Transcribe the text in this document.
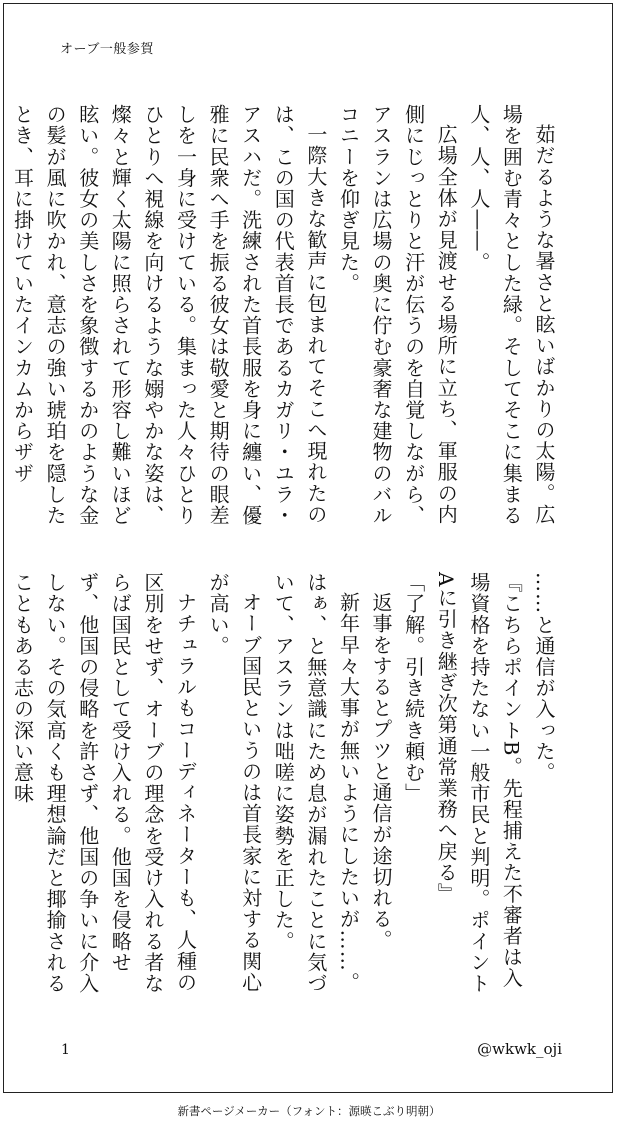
オーブ一般参賀

茹だるような暑さと眩いばかりの太陽。広場を囲む青々とした緑。そしてそこに集まる人、人、人――。

広場全体が見渡せる場所に立ち、軍服の内側にじっとりと汗が伝うのを自覚しながら、アスランは広場の奥に佇む豪奢な建物のバルコニーを仰ぎ見た。

一際大きな歓声に包まれてそこへ現れたのは、この国の代表首長であるカガリ・ユラ・アスハだ。洗練された首長服を身に纏い、優雅に民衆へ手を振る彼女は敬愛と期待の眼差しを一身に受けている。集まった人々ひとりひとりへ視線を向けるような嫋やかな姿は、燦々と輝く太陽に照らされて形容し難いほど眩い。彼女の美しさを象徴するかのような金の髪が風に吹かれ、意志の強い琥珀を隠したとき、耳に掛けていたインカムからザザ

……と通信が入った。

『こちらポイントB。先程捕えた不審者は入場資格を持たない一般市民と判明。ポイントAに引き継ぎ次第通常業務へ戻る』

「了解。引き続き頼む」

返事をするとプツと通信が途切れる。

新年早々大事が無いようにしたいが……。はぁ、と無意識にため息が漏れたことに気づいて、アスランは咄嗟に姿勢を正した。

オーブ国民というのは首長家に対する関心が高い。

ナチュラルもコーディネーターも、人種の区別をせず、オーブの理念を受け入れる者ならば国民として受け入れる。他国を侵略せず、他国の侵略を許さず、他国の争いに介入しない。その気高くも理想論だと揶揄されることもある志の深い意味

1	@wkwk_oji
新書ページメーカー（フォント：源暎こぶり明朝）
